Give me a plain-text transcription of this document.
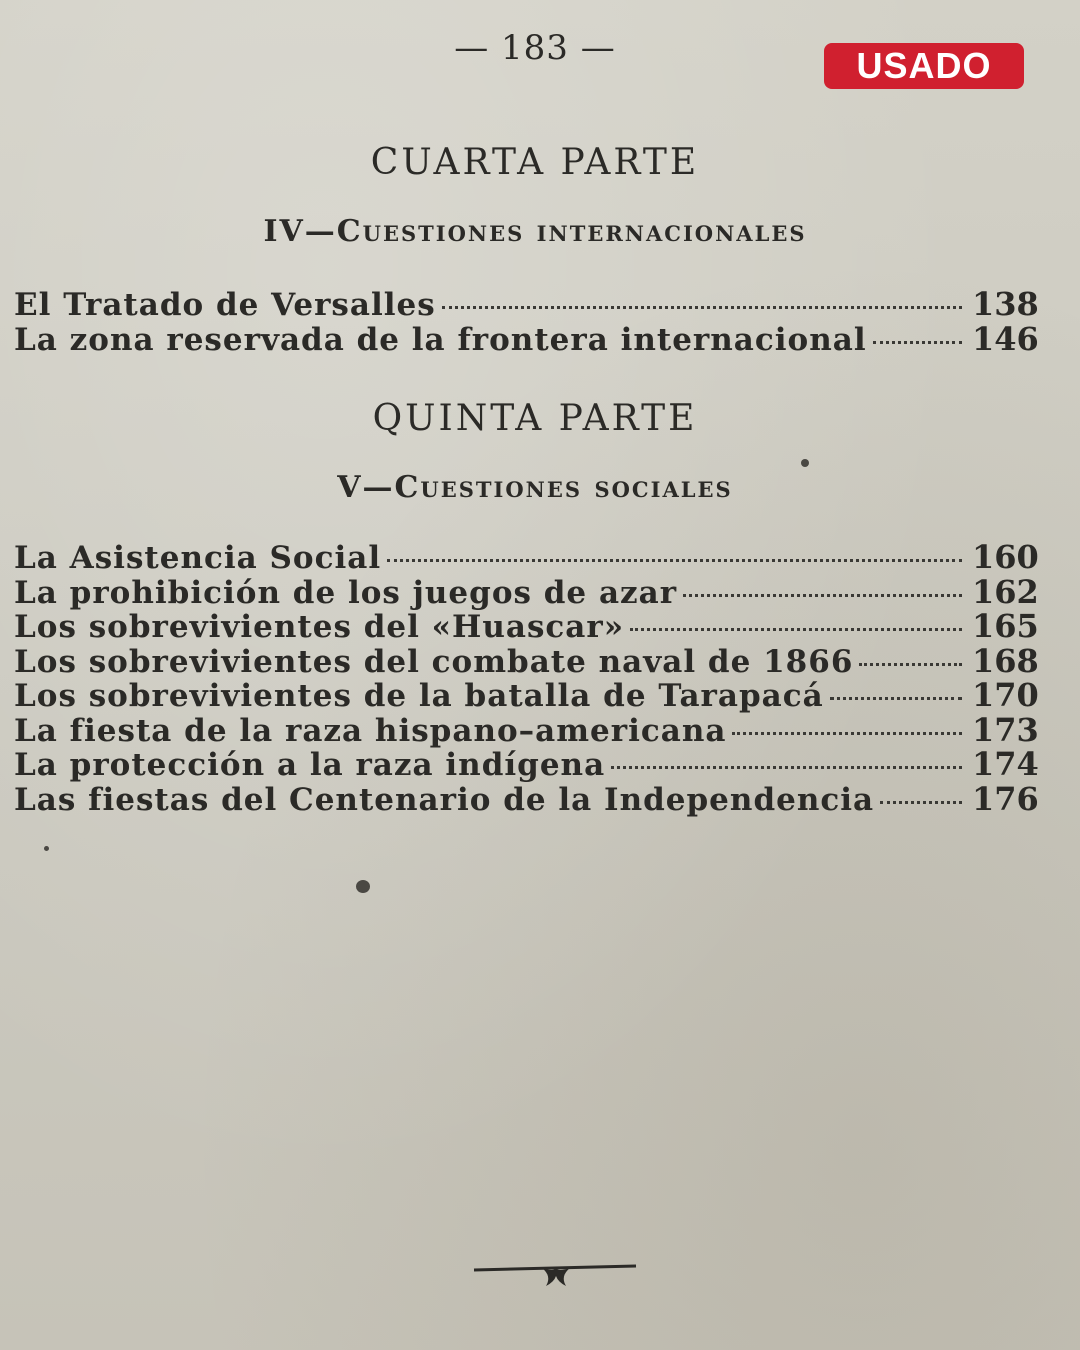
— 183 —	USADO
CUARTA PARTE
IV—Cuestiones internacionales
El Tratado de Versalles	138
La zona reservada de la frontera internacional	146
QUINTA PARTE
V—Cuestiones sociales
La Asistencia Social	160
La prohibición de los juegos de azar	162
Los sobrevivientes del «Huascar»	165
Los sobrevivientes del combate naval de 1866	168
Los sobrevivientes de la batalla de Tarapacá	170
La fiesta de la raza hispano–americana	173
La protección a la raza indígena	174
Las fiestas del Centenario de la Independencia	176
